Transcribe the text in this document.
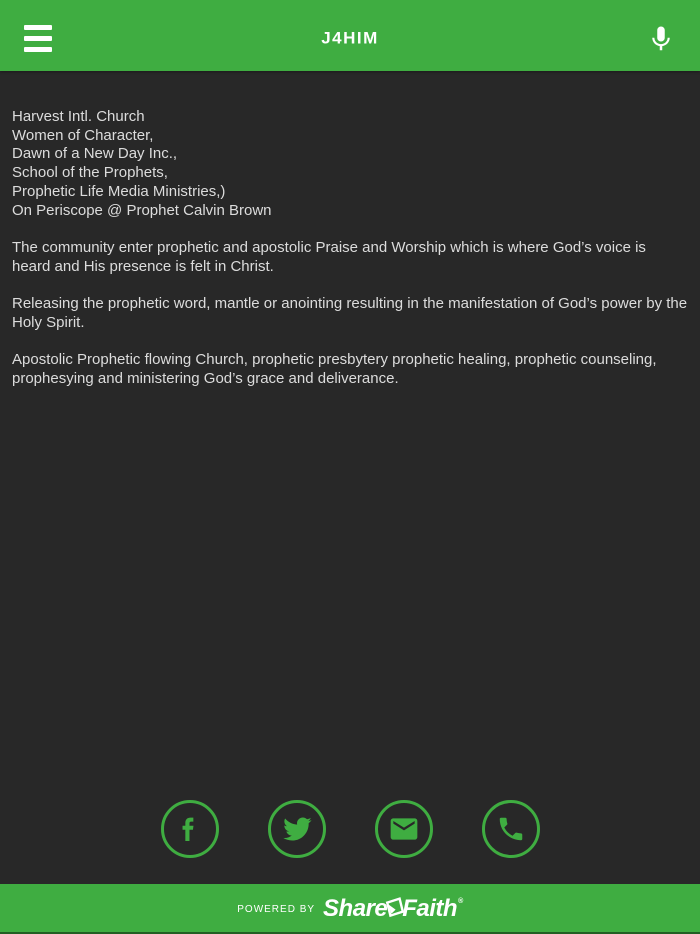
J4HIM
Harvest Intl. Church
Women of Character,
Dawn of a New Day Inc.,
School of the Prophets,
Prophetic Life Media Ministries,)
On Periscope @ Prophet Calvin Brown

The community enter prophetic and apostolic Praise and Worship which is where God’s voice is heard and His presence is felt in Christ.

Releasing the prophetic word, mantle or anointing resulting in the manifestation of God’s power by the Holy Spirit.

Apostolic Prophetic flowing Church, prophetic presbytery prophetic healing, prophetic counseling, prophesying and ministering God’s grace and deliverance.

POWERED BY Share Faith ®
